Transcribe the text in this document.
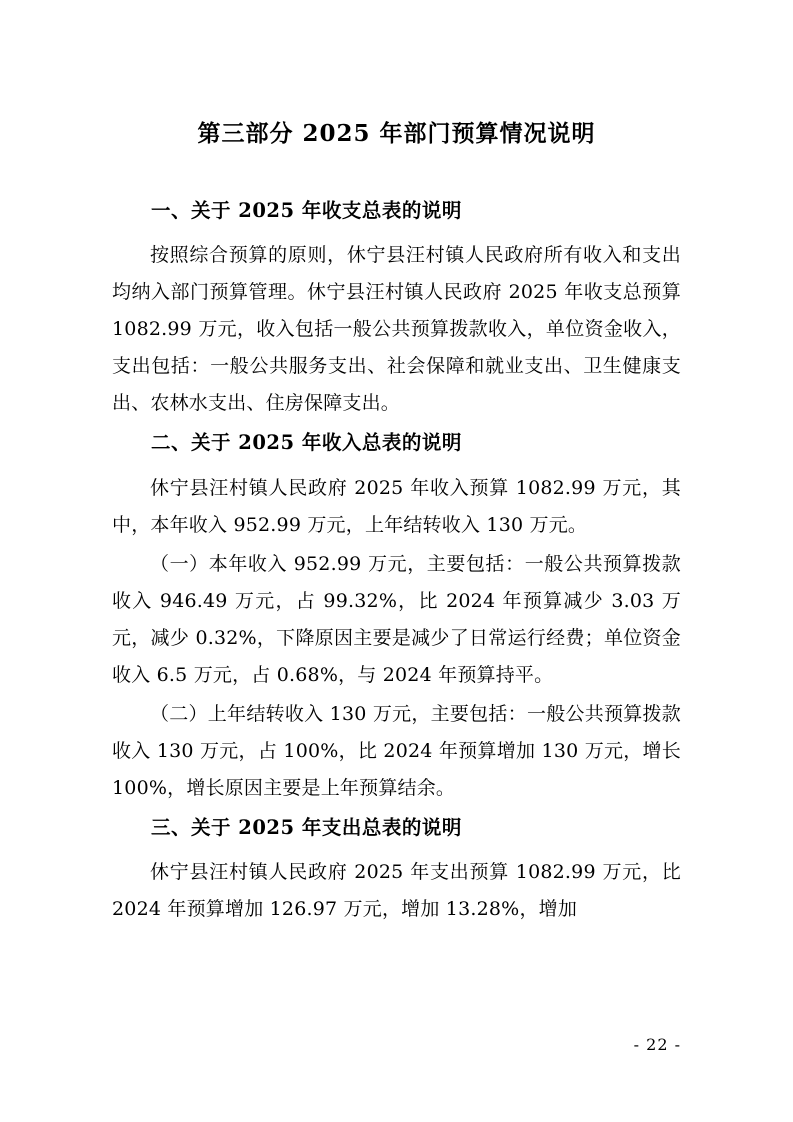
第三部分 2025 年部门预算情况说明
一、关于 2025 年收支总表的说明

按照综合预算的原则，休宁县汪村镇人民政府所有收入和支出均纳入部门预算管理。休宁县汪村镇人民政府 2025 年收支总预算 1082.99 万元，收入包括一般公共预算拨款收入，单位资金收入，支出包括：一般公共服务支出、社会保障和就业支出、卫生健康支出、农林水支出、住房保障支出。

二、关于 2025 年收入总表的说明

休宁县汪村镇人民政府 2025 年收入预算 1082.99 万元，其中，本年收入 952.99 万元，上年结转收入 130 万元。

（一）本年收入 952.99 万元，主要包括：一般公共预算拨款收入 946.49 万元，占 99.32%，比 2024 年预算减少 3.03 万元，减少 0.32%，下降原因主要是减少了日常运行经费；单位资金收入 6.5 万元，占 0.68%，与 2024 年预算持平。

（二）上年结转收入 130 万元，主要包括：一般公共预算拨款收入 130 万元，占 100%，比 2024 年预算增加 130 万元，增长 100%，增长原因主要是上年预算结余。

三、关于 2025 年支出总表的说明

休宁县汪村镇人民政府 2025 年支出预算 1082.99 万元，比 2024 年预算增加 126.97 万元，增加 13.28%，增加

- 22 -
